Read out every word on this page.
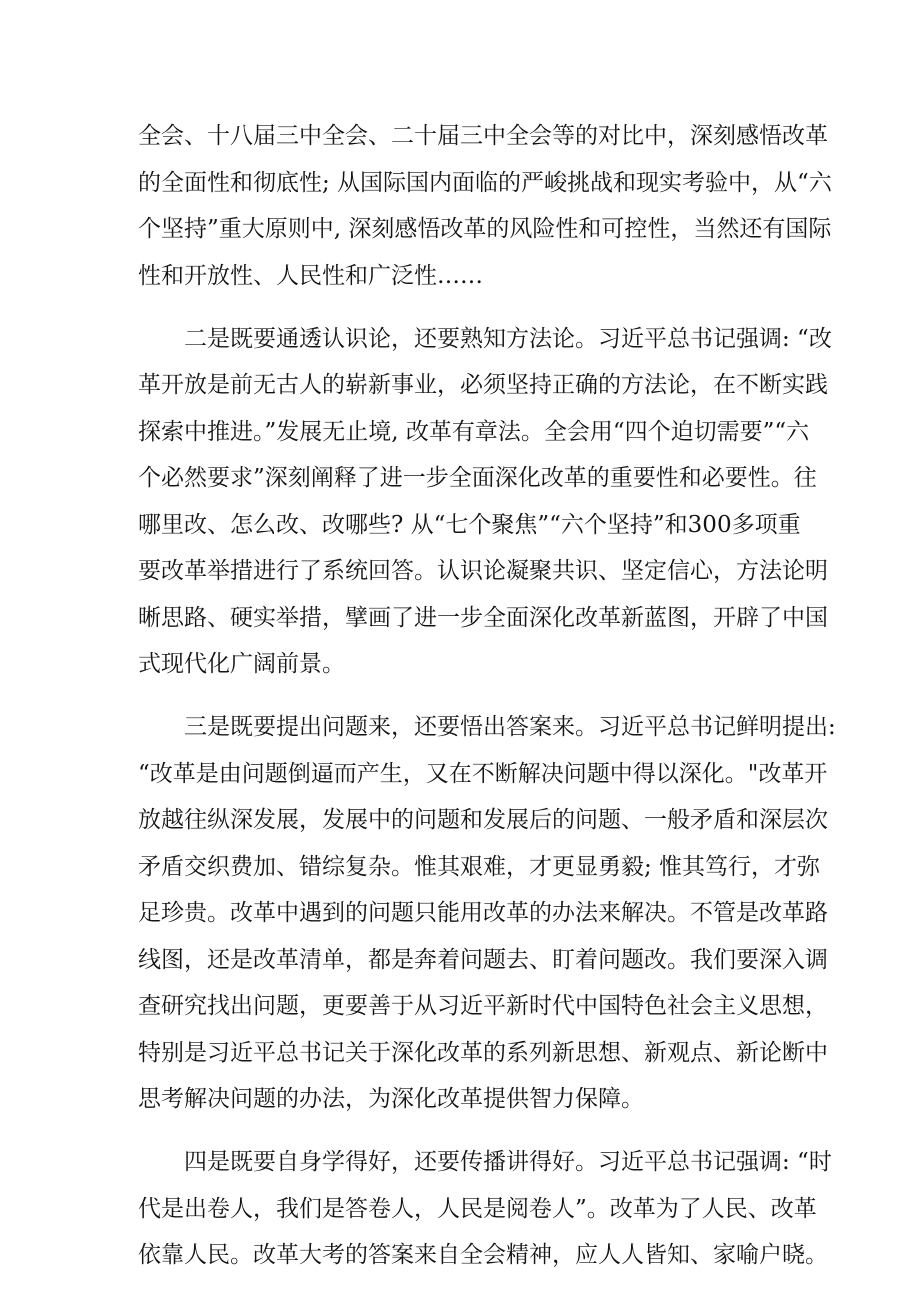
全会、十八届三中全会、二十届三中全会等的对比中，深刻感悟改革
的全面性和彻底性; 从国际国内面临的严峻挑战和现实考验中，从“六
个坚持”重大原则中, 深刻感悟改革的风险性和可控性，当然还有国际
性和开放性、人民性和广泛性……
二是既要通透认识论，还要熟知方法论。习近平总书记强调: “改
革开放是前无古人的崭新事业，必须坚持正确的方法论，在不断实践
探索中推进。”发展无止境, 改革有章法。全会用“四个迫切需要”“六
个必然要求”深刻阐释了进一步全面深化改革的重要性和必要性。往
哪里改、怎么改、改哪些? 从“七个聚焦”“六个坚持”和300多项重
要改革举措进行了系统回答。认识论凝聚共识、坚定信心，方法论明
晰思路、硬实举措，擘画了进一步全面深化改革新蓝图，开辟了中国
式现代化广阔前景。
三是既要提出问题来，还要悟出答案来。习近平总书记鲜明提出:
“改革是由问题倒逼而产生，又在不断解决问题中得以深化。"改革开
放越往纵深发展，发展中的问题和发展后的问题、一般矛盾和深层次
矛盾交织费加、错综复杂。惟其艰难，才更显勇毅; 惟其笃行，才弥
足珍贵。改革中遇到的问题只能用改革的办法来解决。不管是改革路
线图，还是改革清单，都是奔着问题去、盯着问题改。我们要深入调
查研究找出问题，更要善于从习近平新时代中国特色社会主义思想，
特别是习近平总书记关于深化改革的系列新思想、新观点、新论断中
思考解决问题的办法，为深化改革提供智力保障。
四是既要自身学得好，还要传播讲得好。习近平总书记强调: “时
代是出卷人，我们是答卷人，人民是阅卷人”。改革为了人民、改革
依靠人民。改革大考的答案来自全会精神，应人人皆知、家喻户晓。
